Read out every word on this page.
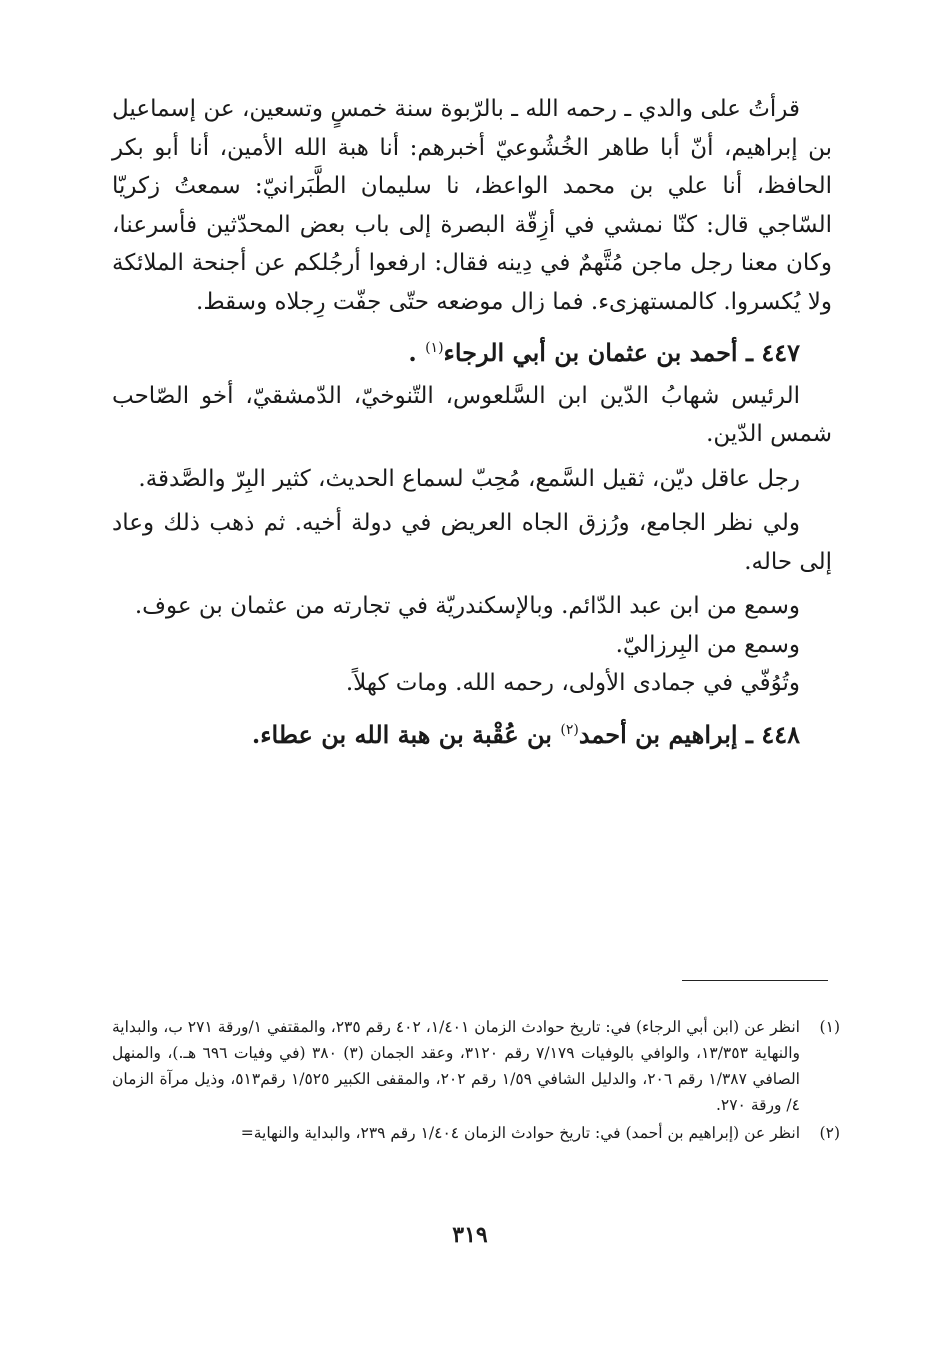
قرأتُ على والدي ـ رحمه الله ـ بالرّبوة سنة خمسٍ وتسعين، عن إسماعيل بن إبراهيم، أنّ أبا طاهر الخُشُوعيّ أخبرهم: أنا هبة الله الأمين، أنا أبو بكر الحافظ، أنا علي بن محمد الواعظ، نا سليمان الطَّبَرانيّ: سمعتُ زكريّا السّاجي قال: كنّا نمشي في أزِقّة البصرة إلى باب بعض المحدّثين فأسرعنا، وكان معنا رجل ماجن مُتَّهمٌ في دِينه فقال: ارفعوا أرجُلكم عن أجنحة الملائكة ولا يُكسروا. كالمستهزىء. فما زال موضعه حتّى جفّت رِجلاه وسقط.

٤٤٧ ـ أحمد بن عثمان بن أبي الرجاء$^{(١)}$ .

الرئيس شهابُ الدّين ابن السَّلعوس، التّنوخيّ، الدّمشقيّ، أخو الصّاحب شمس الدّين.

رجل عاقل ديّن، ثقيل السَّمع، مُحِبّ لسماع الحديث، كثير البِرّ والصَّدقة.

ولي نظر الجامع، ورُزق الجاه العريض في دولة أخيه. ثم ذهب ذلك وعاد إلى حاله.

وسمع من ابن عبد الدّائم. وبالإسكندريّة في تجارته من عثمان بن عوف.

وسمع من البِرزاليّ.

وتُوُفّي في جمادى الأولى، رحمه الله. ومات كهلاً.

٤٤٨ ـ إبراهيم بن أحمد$^{(٢)}$ بن عُقْبة بن هبة الله بن عطاء.

(١)
انظر عن (ابن أبي الرجاء) في: تاريخ حوادث الزمان ١/٤٠١، ٤٠٢ رقم ٢٣٥، والمقتفي ١/ورقة ٢٧١ ب، والبداية والنهاية ١٣/٣٥٣، والوافي بالوفيات ٧/١٧٩ رقم ٣١٢٠، وعقد الجمان (٣) ٣٨٠ (في وفيات ٦٩٦ هـ.)، والمنهل الصافي ١/٣٨٧ رقم ٢٠٦، والدليل الشافي ١/٥٩ رقم ٢٠٢، والمقفى الكبير ١/٥٢٥ رقم٥١٣، وذيل مرآة الزمان ٤/ ورقة ٢٧٠.
(٢)
انظر عن (إبراهيم بن أحمد) في: تاريخ حوادث الزمان ١/٤٠٤ رقم ٢٣٩، والبداية والنهاية=
٣١٩
